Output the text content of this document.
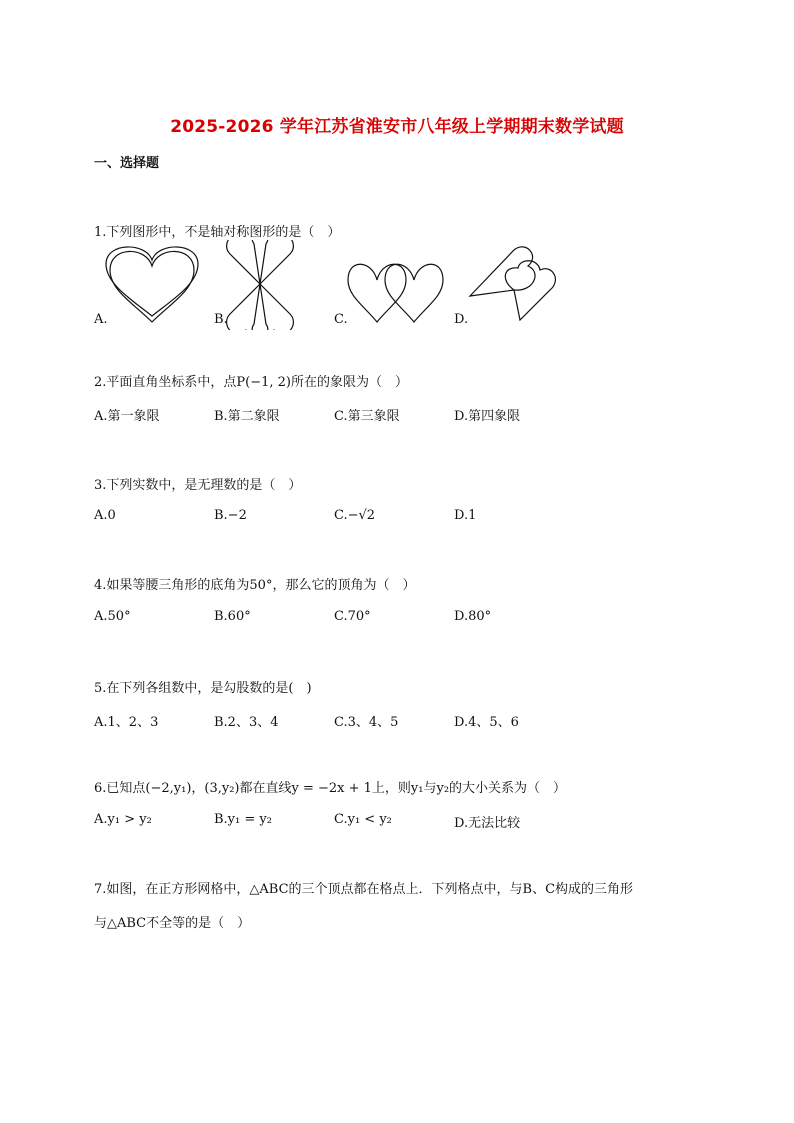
2025-2026 学年江苏省淮安市八年级上学期期末数学试题
一、选择题
1.下列图形中，不是轴对称图形的是（　）
A.	B.	C.	D.
2.平面直角坐标系中，点P(−1, 2)所在的象限为（　）
A.第一象限	B.第二象限	C.第三象限	D.第四象限
3.下列实数中，是无理数的是（　）
A.0	B.−2	C.−√2	D.1
4.如果等腰三角形的底角为50°，那么它的顶角为（　）
A.50°	B.60°	C.70°	D.80°
5.在下列各组数中，是勾股数的是(　)
A.1、2、3	B.2、3、4	C.3、4、5	D.4、5、6
6.已知点(−2,y₁)，(3,y₂)都在直线y = −2x + 1上，则y₁与y₂的大小关系为（　）
A.y₁ > y₂	B.y₁ = y₂	C.y₁ < y₂	D.无法比较
7.如图，在正方形网格中，△ABC的三个顶点都在格点上．下列格点中，与B、C构成的三角形
与△ABC不全等的是（　）
